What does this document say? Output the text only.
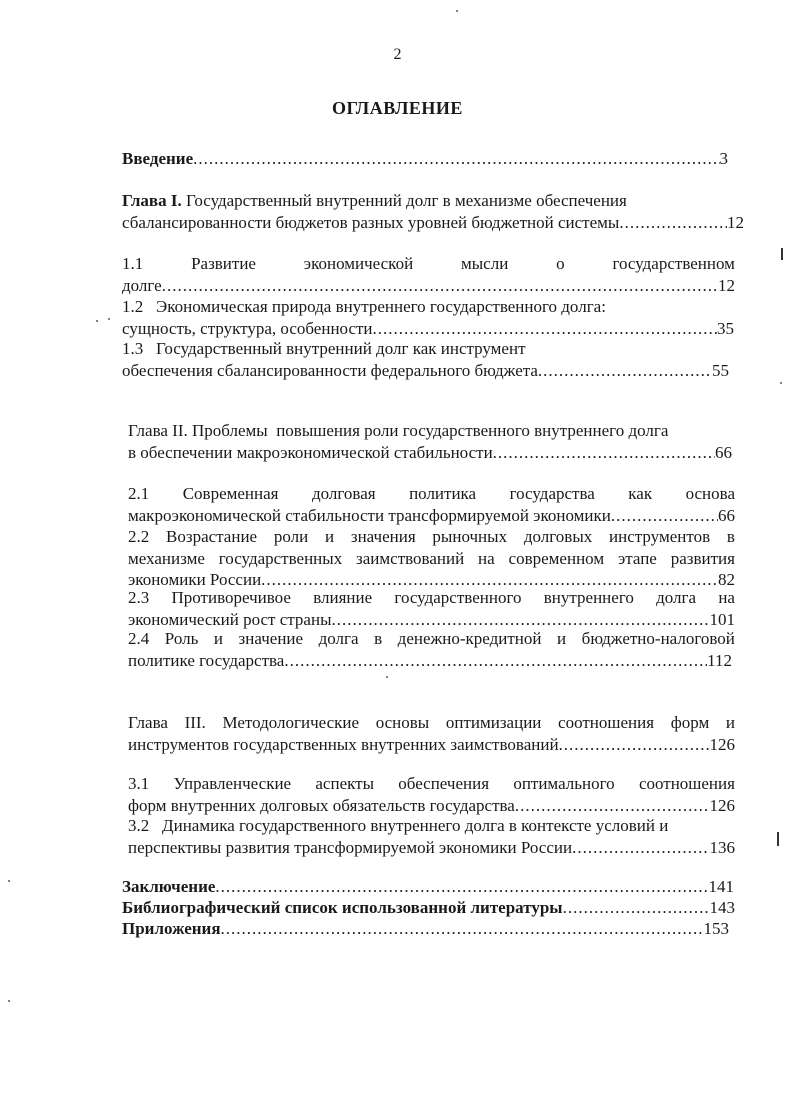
2
ОГЛАВЛЕНИЕ
Введение .....	3
Глава I. Государственный внутренний долг в механизме обеспечения
сбалансированности бюджетов разных уровней бюджетной системы .....	12
1.1	Развитие	экономической	мысли	о	государственном
долге .....	12
1.2 Экономическая природа внутреннего государственного долга:
сущность, структура, особенности .....	35
1.3 Государственный внутренний долг как инструмент
обеспечения сбалансированности федерального бюджета .....	55
Глава II. Проблемы  повышения роли государственного внутреннего долга
в обеспечении макроэкономической стабильности .....	66
2.1 Современная долговая политика государства как основа
макроэкономической стабильности трансформируемой экономики .....	66
2.2 Возрастание роли и значения рыночных долговых инструментов в
механизме государственных заимствований на современном этапе развития
экономики России .....	82
2.3 Противоречивое влияние государственного внутреннего долга на
экономический рост страны .....	101
2.4 Роль и значение долга в денежно-кредитной и бюджетно-налоговой
политике государства .....	112
Глава III. Методологические основы оптимизации соотношения форм и
инструментов государственных внутренних заимствований .....	126
3.1 Управленческие аспекты обеспечения оптимального соотношения
форм внутренних долговых обязательств государства .....	126
3.2 Динамика государственного внутреннего долга в контексте условий и
перспективы развития трансформируемой экономики России .....	136
Заключение .....	141
Библиографический список использованной литературы .....	143
Приложения .....	153
